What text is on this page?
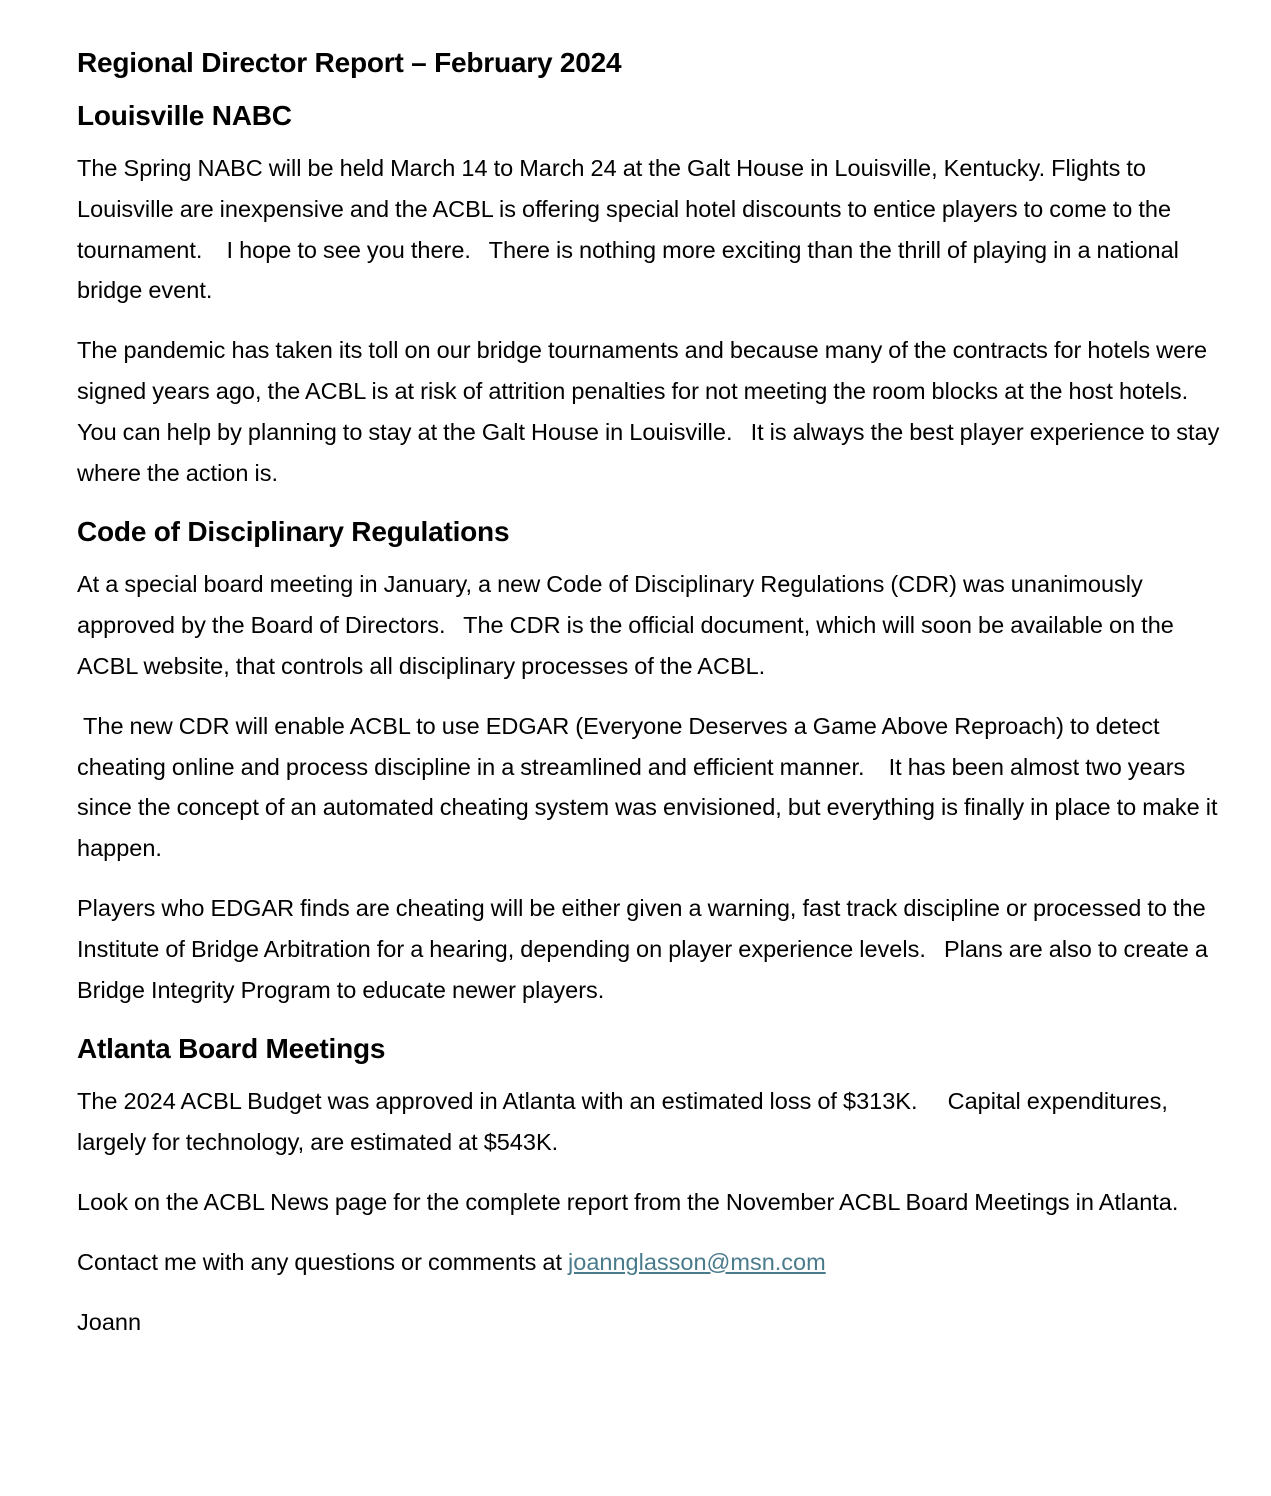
Regional Director Report – February 2024
Louisville NABC

The Spring NABC will be held March 14 to March 24 at the Galt House in Louisville, Kentucky. Flights to Louisville are inexpensive and the ACBL is offering special hotel discounts to entice players to come to the tournament.    I hope to see you there.   There is nothing more exciting than the thrill of playing in a national bridge event.

The pandemic has taken its toll on our bridge tournaments and because many of the contracts for hotels were signed years ago, the ACBL is at risk of attrition penalties for not meeting the room blocks at the host hotels.     You can help by planning to stay at the Galt House in Louisville.   It is always the best player experience to stay where the action is.

Code of Disciplinary Regulations

At a special board meeting in January, a new Code of Disciplinary Regulations (CDR) was unanimously approved by the Board of Directors.   The CDR is the official document, which will soon be available on the ACBL website, that controls all disciplinary processes of the ACBL.

The new CDR will enable ACBL to use EDGAR (Everyone Deserves a Game Above Reproach) to detect cheating online and process discipline in a streamlined and efficient manner.    It has been almost two years since the concept of an automated cheating system was envisioned, but everything is finally in place to make it happen.

Players who EDGAR finds are cheating will be either given a warning, fast track discipline or processed to the Institute of Bridge Arbitration for a hearing, depending on player experience levels.   Plans are also to create a Bridge Integrity Program to educate newer players.

Atlanta Board Meetings

The 2024 ACBL Budget was approved in Atlanta with an estimated loss of $313K.     Capital expenditures, largely for technology, are estimated at $543K.

Look on the ACBL News page for the complete report from the November ACBL Board Meetings in Atlanta.

Contact me with any questions or comments at joannglasson@msn.com

Joann
